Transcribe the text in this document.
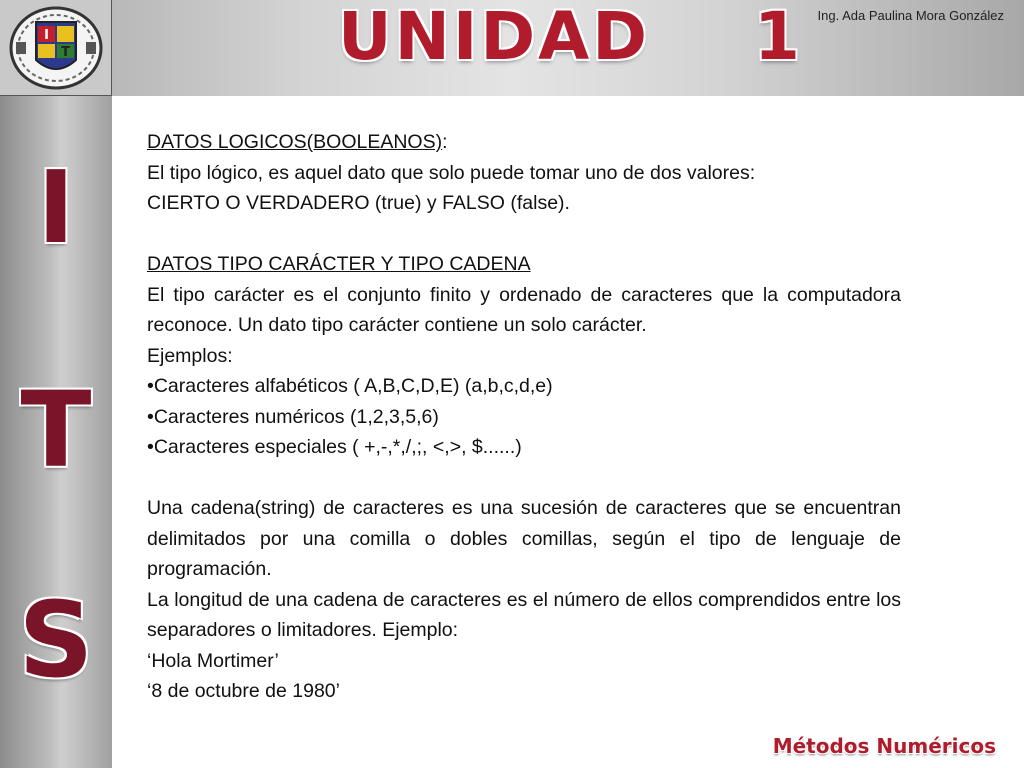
I
T	UNIDAD    1 Ing. Ada Paulina Mora González
I
T
S

DATOS LOGICOS(BOOLEANOS):

El tipo lógico, es aquel dato que solo puede tomar uno de dos valores:

CIERTO O VERDADERO (true) y FALSO (false).

DATOS TIPO CARÁCTER Y TIPO CADENA

El tipo carácter es el conjunto finito y ordenado de caracteres que la computadora reconoce. Un dato tipo carácter contiene un solo carácter.

Ejemplos:

•Caracteres alfabéticos ( A,B,C,D,E) (a,b,c,d,e)

•Caracteres numéricos (1,2,3,5,6)

•Caracteres especiales ( +,-,*,/,;, <,>, $......)

Una cadena(string) de caracteres es una sucesión de caracteres que se encuentran delimitados por una comilla o dobles comillas, según el tipo de lenguaje de programación.

La longitud de una cadena de caracteres es el número de ellos comprendidos entre los separadores o limitadores. Ejemplo:

‘Hola Mortimer’

‘8 de octubre de 1980’

Métodos Numéricos
